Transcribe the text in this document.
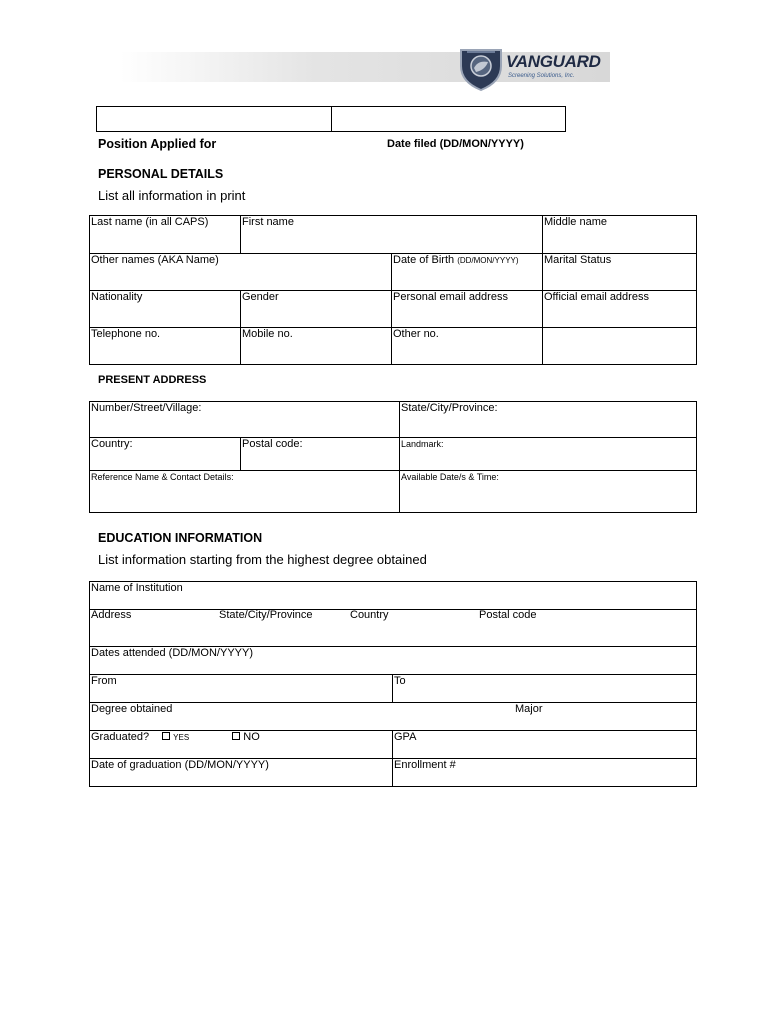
VANGUARD
Screening Solutions, Inc.
Position Applied for	Date filed (DD/MON/YYYY)
PERSONAL DETAILS
List all information in print
Last name (in all CAPS)	First name		Middle name
Other names (AKA Name)		Date of Birth (DD/MON/YYYY)	Marital Status
Nationality	Gender	Personal email address	Official email address
Telephone no.	Mobile no.	Other no.	
PRESENT ADDRESS
Number/Street/Village:		State/City/Province:
Country:	Postal code:	Landmark:
Reference Name & Contact Details:		Available Date/s & Time:
EDUCATION INFORMATION
List information starting from the highest degree obtained
Name of Institution	

Address State/City/Province Country Postal code	

Dates attended (DD/MON/YYYY)	
From	To
Degree obtained Major	

Graduated? YES NO	GPA
Date of graduation (DD/MON/YYYY)	Enrollment #
